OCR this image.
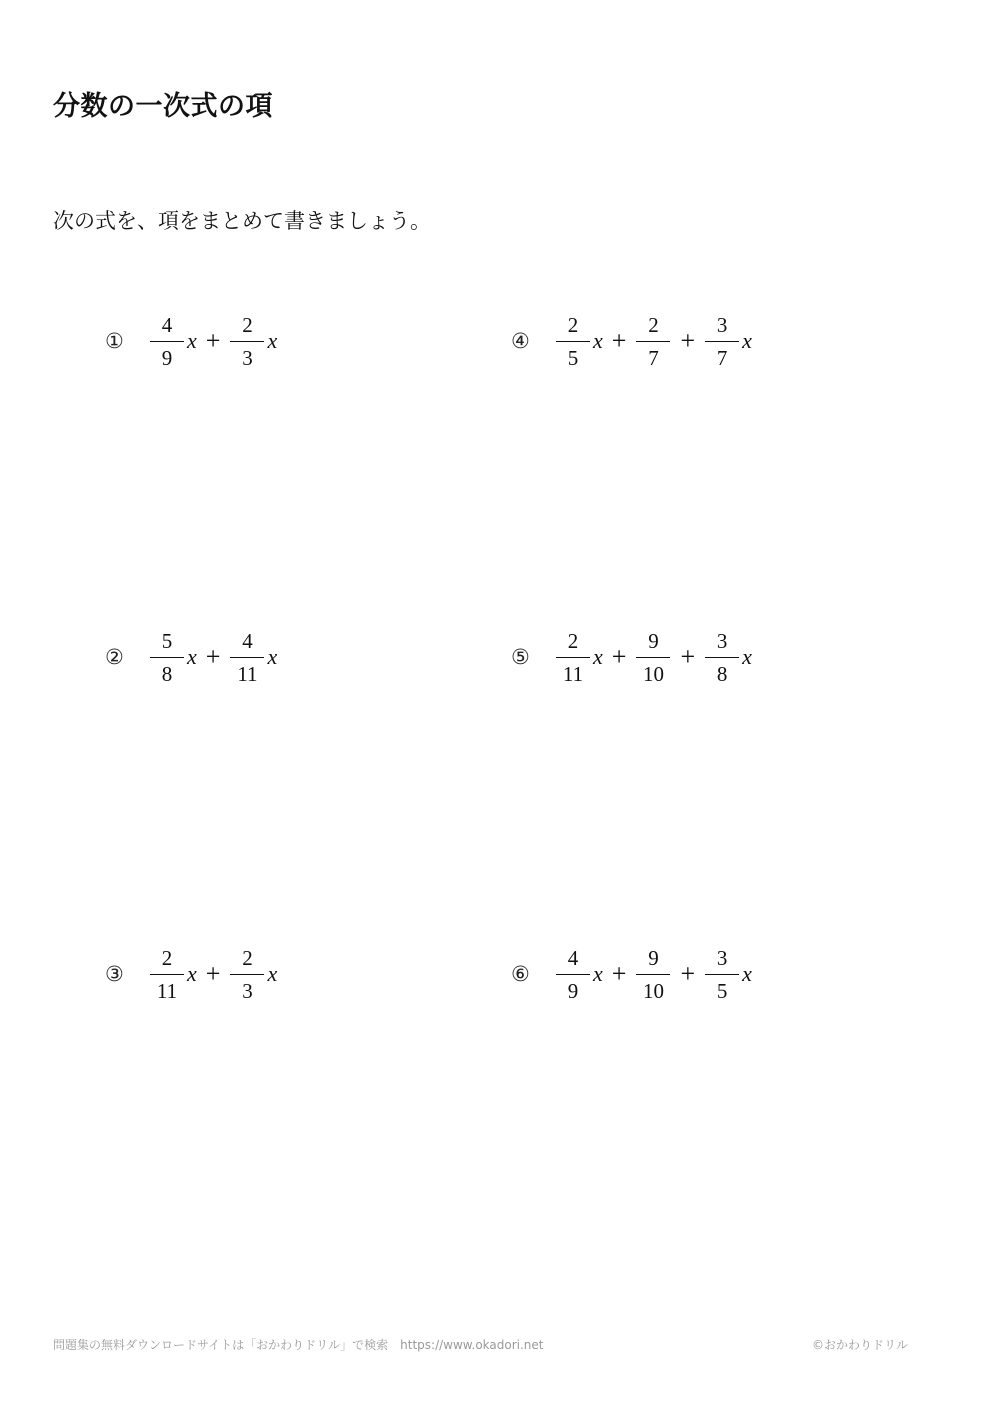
分数の一次式の項
次の式を、項をまとめて書きましょう。
①	$\frac{4}{9}$ $x + \frac{2}{3}$ x
②	$\frac{5}{8}$ $x + \frac{4}{11}$ x
③	$\frac{2}{11}$ $x + \frac{2}{3}$ x
④	$\frac{2}{5}$ $x + \frac{2}{7} + \frac{3}{7}$ x
⑤	$\frac{2}{11}$ $x + \frac{9}{10} + \frac{3}{8}$ x
⑥	$\frac{4}{9}$ $x + \frac{9}{10} + \frac{3}{5}$ x
問題集の無料ダウンロードサイトは「おかわりドリル」で検索　https://www.okadori.net	©おかわりドリル
